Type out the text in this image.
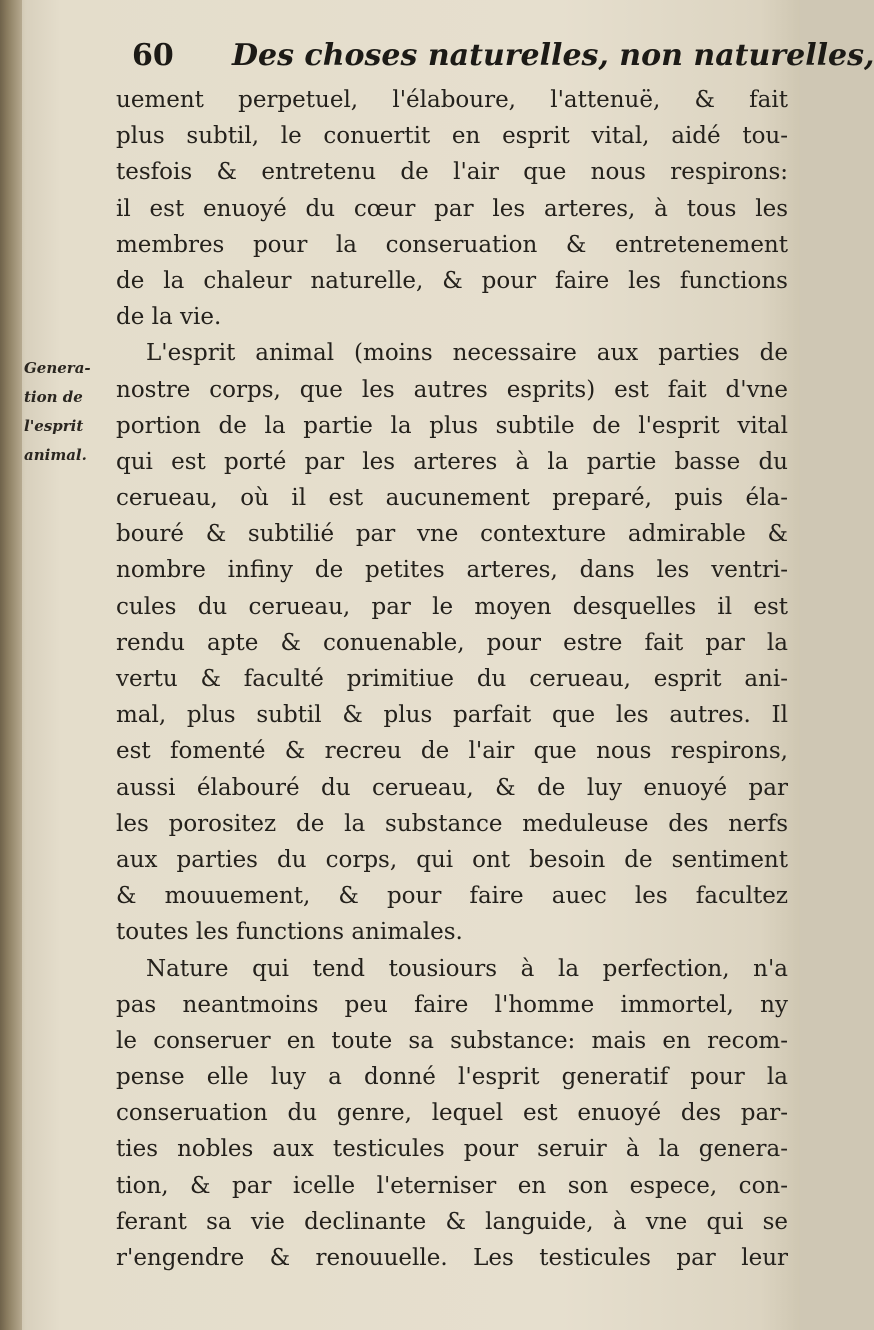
60 Des choses naturelles, non naturelles,
Genera-
tion de
l'esprit
animal.
uement perpetuel, l'élaboure, l'attenuë, & fait
plus subtil, le conuertit en esprit vital, aidé tou-
tesfois & entretenu de l'air que nous respirons:
il est enuoyé du cœur par les arteres, à tous les
membres pour la conseruation & entretenement
de la chaleur naturelle, & pour faire les functions
de la vie.
L'esprit animal (moins necessaire aux parties de
nostre corps, que les autres esprits) est fait d'vne
portion de la partie la plus subtile de l'esprit vital
qui est porté par les arteres à la partie basse du
cerueau, où il est aucunement preparé, puis éla-
bouré & subtilié par vne contexture admirable &
nombre infiny de petites arteres, dans les ventri-
cules du cerueau, par le moyen desquelles il est
rendu apte & conuenable, pour estre fait par la
vertu & faculté primitiue du cerueau, esprit ani-
mal, plus subtil & plus parfait que les autres. Il
est fomenté & recreu de l'air que nous respirons,
aussi élabouré du cerueau, & de luy enuoyé par
les porositez de la substance meduleuse des nerfs
aux parties du corps, qui ont besoin de sentiment
& mouuement, & pour faire auec les facultez
toutes les functions animales.
Nature qui tend tousiours à la perfection, n'a
pas neantmoins peu faire l'homme immortel, ny
le conseruer en toute sa substance: mais en recom-
pense elle luy a donné l'esprit generatif pour la
conseruation du genre, lequel est enuoyé des par-
ties nobles aux testicules pour seruir à la genera-
tion, & par icelle l'eterniser en son espece, con-
ferant sa vie declinante & languide, à vne qui se
r'engendre & renouuelle. Les testicules par leur
